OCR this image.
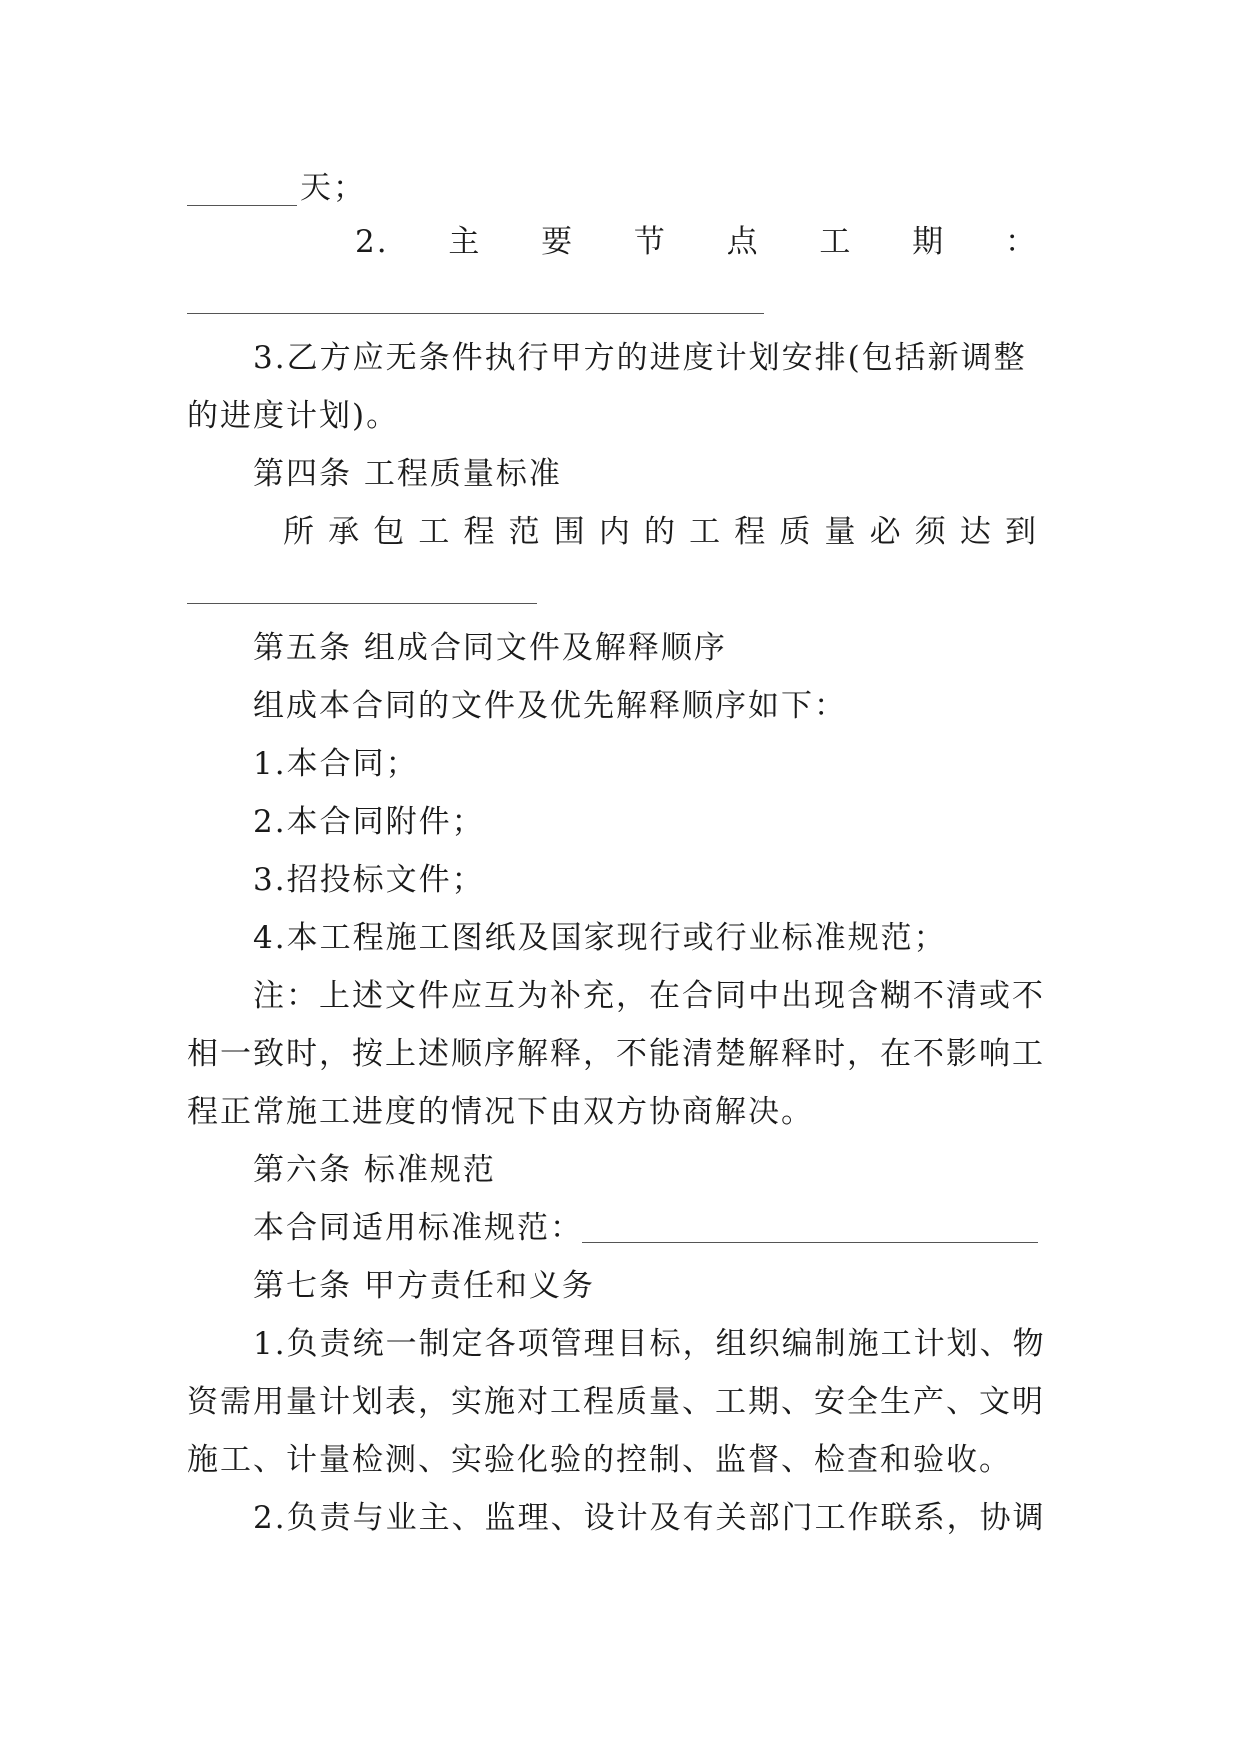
天；
2. 主 要 节 点 工 期 ：
3.乙方应无条件执行甲方的进度计划安排(包括新调整
的进度计划)。
第四条 工程质量标准
所 承 包 工 程 范 围 内 的 工 程 质 量 必 须 达 到
第五条 组成合同文件及解释顺序
组成本合同的文件及优先解释顺序如下：
1.本合同；
2.本合同附件；
3.招投标文件；
4.本工程施工图纸及国家现行或行业标准规范；
注：上述文件应互为补充，在合同中出现含糊不清或不
相一致时，按上述顺序解释，不能清楚解释时，在不影响工
程正常施工进度的情况下由双方协商解决。
第六条 标准规范
本合同适用标准规范：
第七条 甲方责任和义务
1.负责统一制定各项管理目标，组织编制施工计划、物
资需用量计划表，实施对工程质量、工期、安全生产、文明
施工、计量检测、实验化验的控制、监督、检查和验收。
2.负责与业主、监理、设计及有关部门工作联系，协调
